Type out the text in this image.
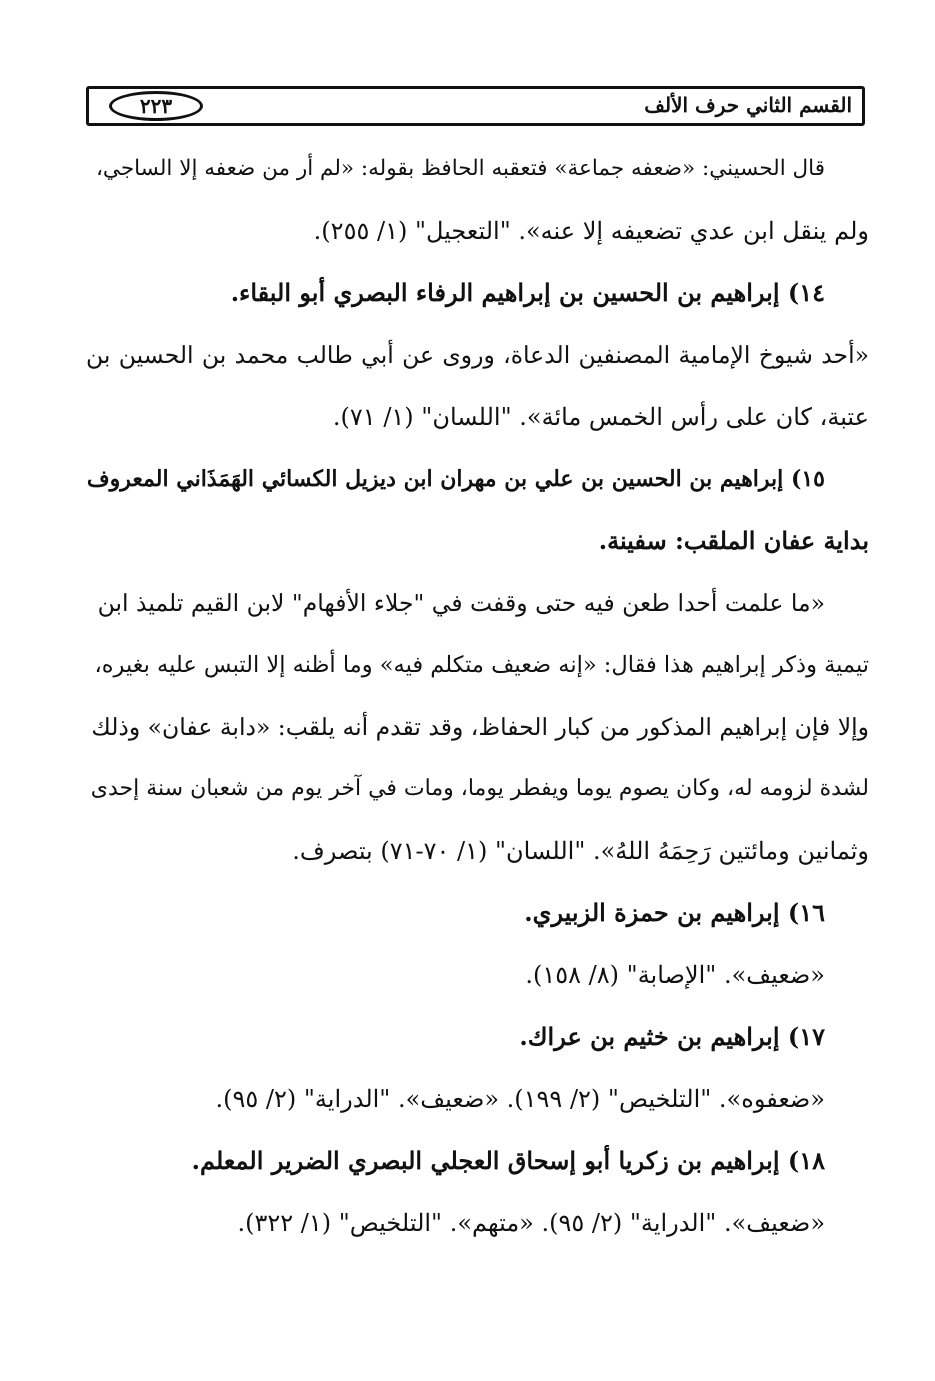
القسم الثاني حرف الألف
٢٢٣
قال الحسيني: «ضعفه جماعة» فتعقبه الحافظ بقوله: «لم أر من ضعفه إلا الساجي،
ولم ينقل ابن عدي تضعيفه إلا عنه». "التعجيل" (١/ ٢٥٥).
١٤) إبراهيم بن الحسين بن إبراهيم الرفاء البصري أبو البقاء.
«أحد شيوخ الإمامية المصنفين الدعاة، وروى عن أبي طالب محمد بن الحسين بن
عتبة، كان على رأس الخمس مائة». "اللسان" (١/ ٧١).
١٥) إبراهيم بن الحسين بن علي بن مهران ابن ديزيل الكسائي الهَمَذَاني المعروف
بداية عفان الملقب: سفينة.
«ما علمت أحدا طعن فيه حتى وقفت في "جلاء الأفهام" لابن القيم تلميذ ابن
تيمية وذكر إبراهيم هذا فقال: «إنه ضعيف متكلم فيه» وما أظنه إلا التبس عليه بغيره،
وإلا فإن إبراهيم المذكور من كبار الحفاظ، وقد تقدم أنه يلقب: «دابة عفان» وذلك
لشدة لزومه له، وكان يصوم يوما ويفطر يوما، ومات في آخر يوم من شعبان سنة إحدى
وثمانين ومائتين رَحِمَهُ اللهُ». "اللسان" (١/ ٧٠-٧١) بتصرف.
١٦) إبراهيم بن حمزة الزبيري.
«ضعيف». "الإصابة" (٨/ ١٥٨).
١٧) إبراهيم بن خثيم بن عراك.
«ضعفوه». "التلخيص" (٢/ ١٩٩). «ضعيف». "الدراية" (٢/ ٩٥).
١٨) إبراهيم بن زكريا أبو إسحاق العجلي البصري الضرير المعلم.
«ضعيف». "الدراية" (٢/ ٩٥). «متهم». "التلخيص" (١/ ٣٢٢).
